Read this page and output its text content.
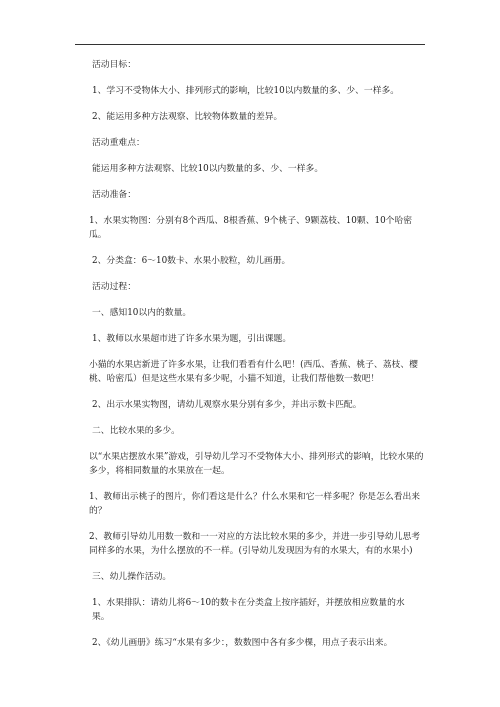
活动目标：

1、学习不受物体大小、排列形式的影响，比较10以内数量的多、少、一样多。

2、能运用多种方法观察、比较物体数量的差异。

活动重难点：

能运用多种方法观察、比较10以内数量的多、少、一样多。

活动准备：

1、水果实物图：分别有8个西瓜、8根香蕉、9个桃子、9颗荔枝、10颗、10个哈密瓜。

2、分类盒：6～10数卡、水果小胶粒，幼儿画册。

活动过程：

一、感知10以内的数量。

1、教师以水果超市进了许多水果为题，引出课题。

小猫的水果店新进了许多水果，让我们看看有什么吧！(西瓜、香蕉、桃子、荔枝、樱桃、哈密瓜）但是这些水果有多少呢，小猫不知道，让我们帮他数一数吧！

2、出示水果实物图，请幼儿观察水果分别有多少，并出示数卡匹配。

二、比较水果的多少。

以“水果店摆放水果”游戏，引导幼儿学习不受物体大小、排列形式的影响，比较水果的多少，将相同数量的水果放在一起。

1、教师出示桃子的图片，你们看这是什么？什么水果和它一样多呢？你是怎么看出来的？

2、教师引导幼儿用数一数和一一对应的方法比较水果的多少，并进一步引导幼儿思考同样多的水果，为什么摆放的不一样。(引导幼儿发现因为有的水果大，有的水果小)

三、幼儿操作活动。

1、水果排队：请幼儿将6～10的数卡在分类盒上按序插好，并摆放相应数量的水果。

2、《幼儿画册》练习“水果有多少：，数数图中各有多少棵，用点子表示出来。
